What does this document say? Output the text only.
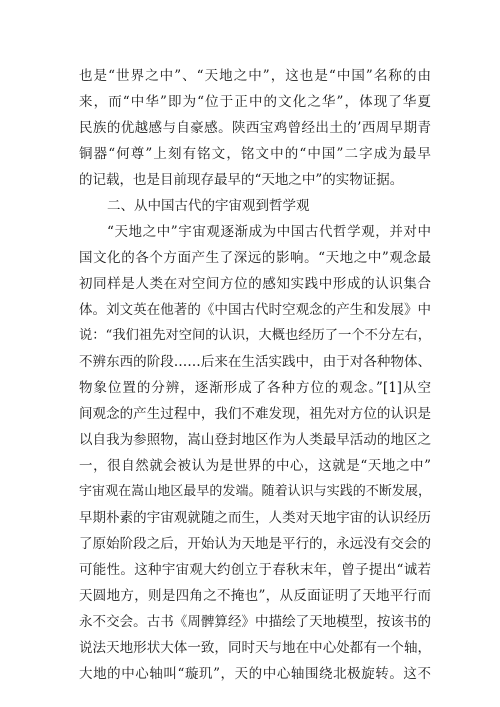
也是“世界之中”、“天地之中”，这也是“中国”名称的由
来，而“中华”即为“位于正中的文化之华”，体现了华夏
民族的优越感与自豪感。陕西宝鸡曾经出土的’西周早期青
铜器“何尊”上刻有铭文，铭文中的“中国”二字成为最早
的记载，也是目前现存最早的“天地之中”的实物证据。
二、从中国古代的宇宙观到哲学观
“天地之中”宇宙观逐渐成为中国古代哲学观，并对中
国文化的各个方面产生了深远的影响。“天地之中”观念最
初同样是人类在对空间方位的感知实践中形成的认识集合
体。刘文英在他著的《中国古代时空观念的产生和发展》中
说：“我们祖先对空间的认识，大概也经历了一个不分左右，
不辨东西的阶段……后来在生活实践中，由于对各种物体、
物象位置的分辨，逐渐形成了各种方位的观念。”[1]从空
间观念的产生过程中，我们不难发现，祖先对方位的认识是
以自我为参照物，嵩山登封地区作为人类最早活动的地区之
一，很自然就会被认为是世界的中心，这就是“天地之中”
宇宙观在嵩山地区最早的发端。随着认识与实践的不断发展，
早期朴素的宇宙观就随之而生，人类对天地宇宙的认识经历
了原始阶段之后，开始认为天地是平行的，永远没有交会的
可能性。这种宇宙观大约创立于春秋末年，曾子提出“诚若
天圆地方，则是四角之不掩也”，从反面证明了天地平行而
永不交会。古书《周髀算经》中描绘了天地模型，按该书的
说法天地形状大体一致，同时天与地在中心处都有一个轴，
大地的中心轴叫“璇玑”，天的中心轴围绕北极旋转。这不
